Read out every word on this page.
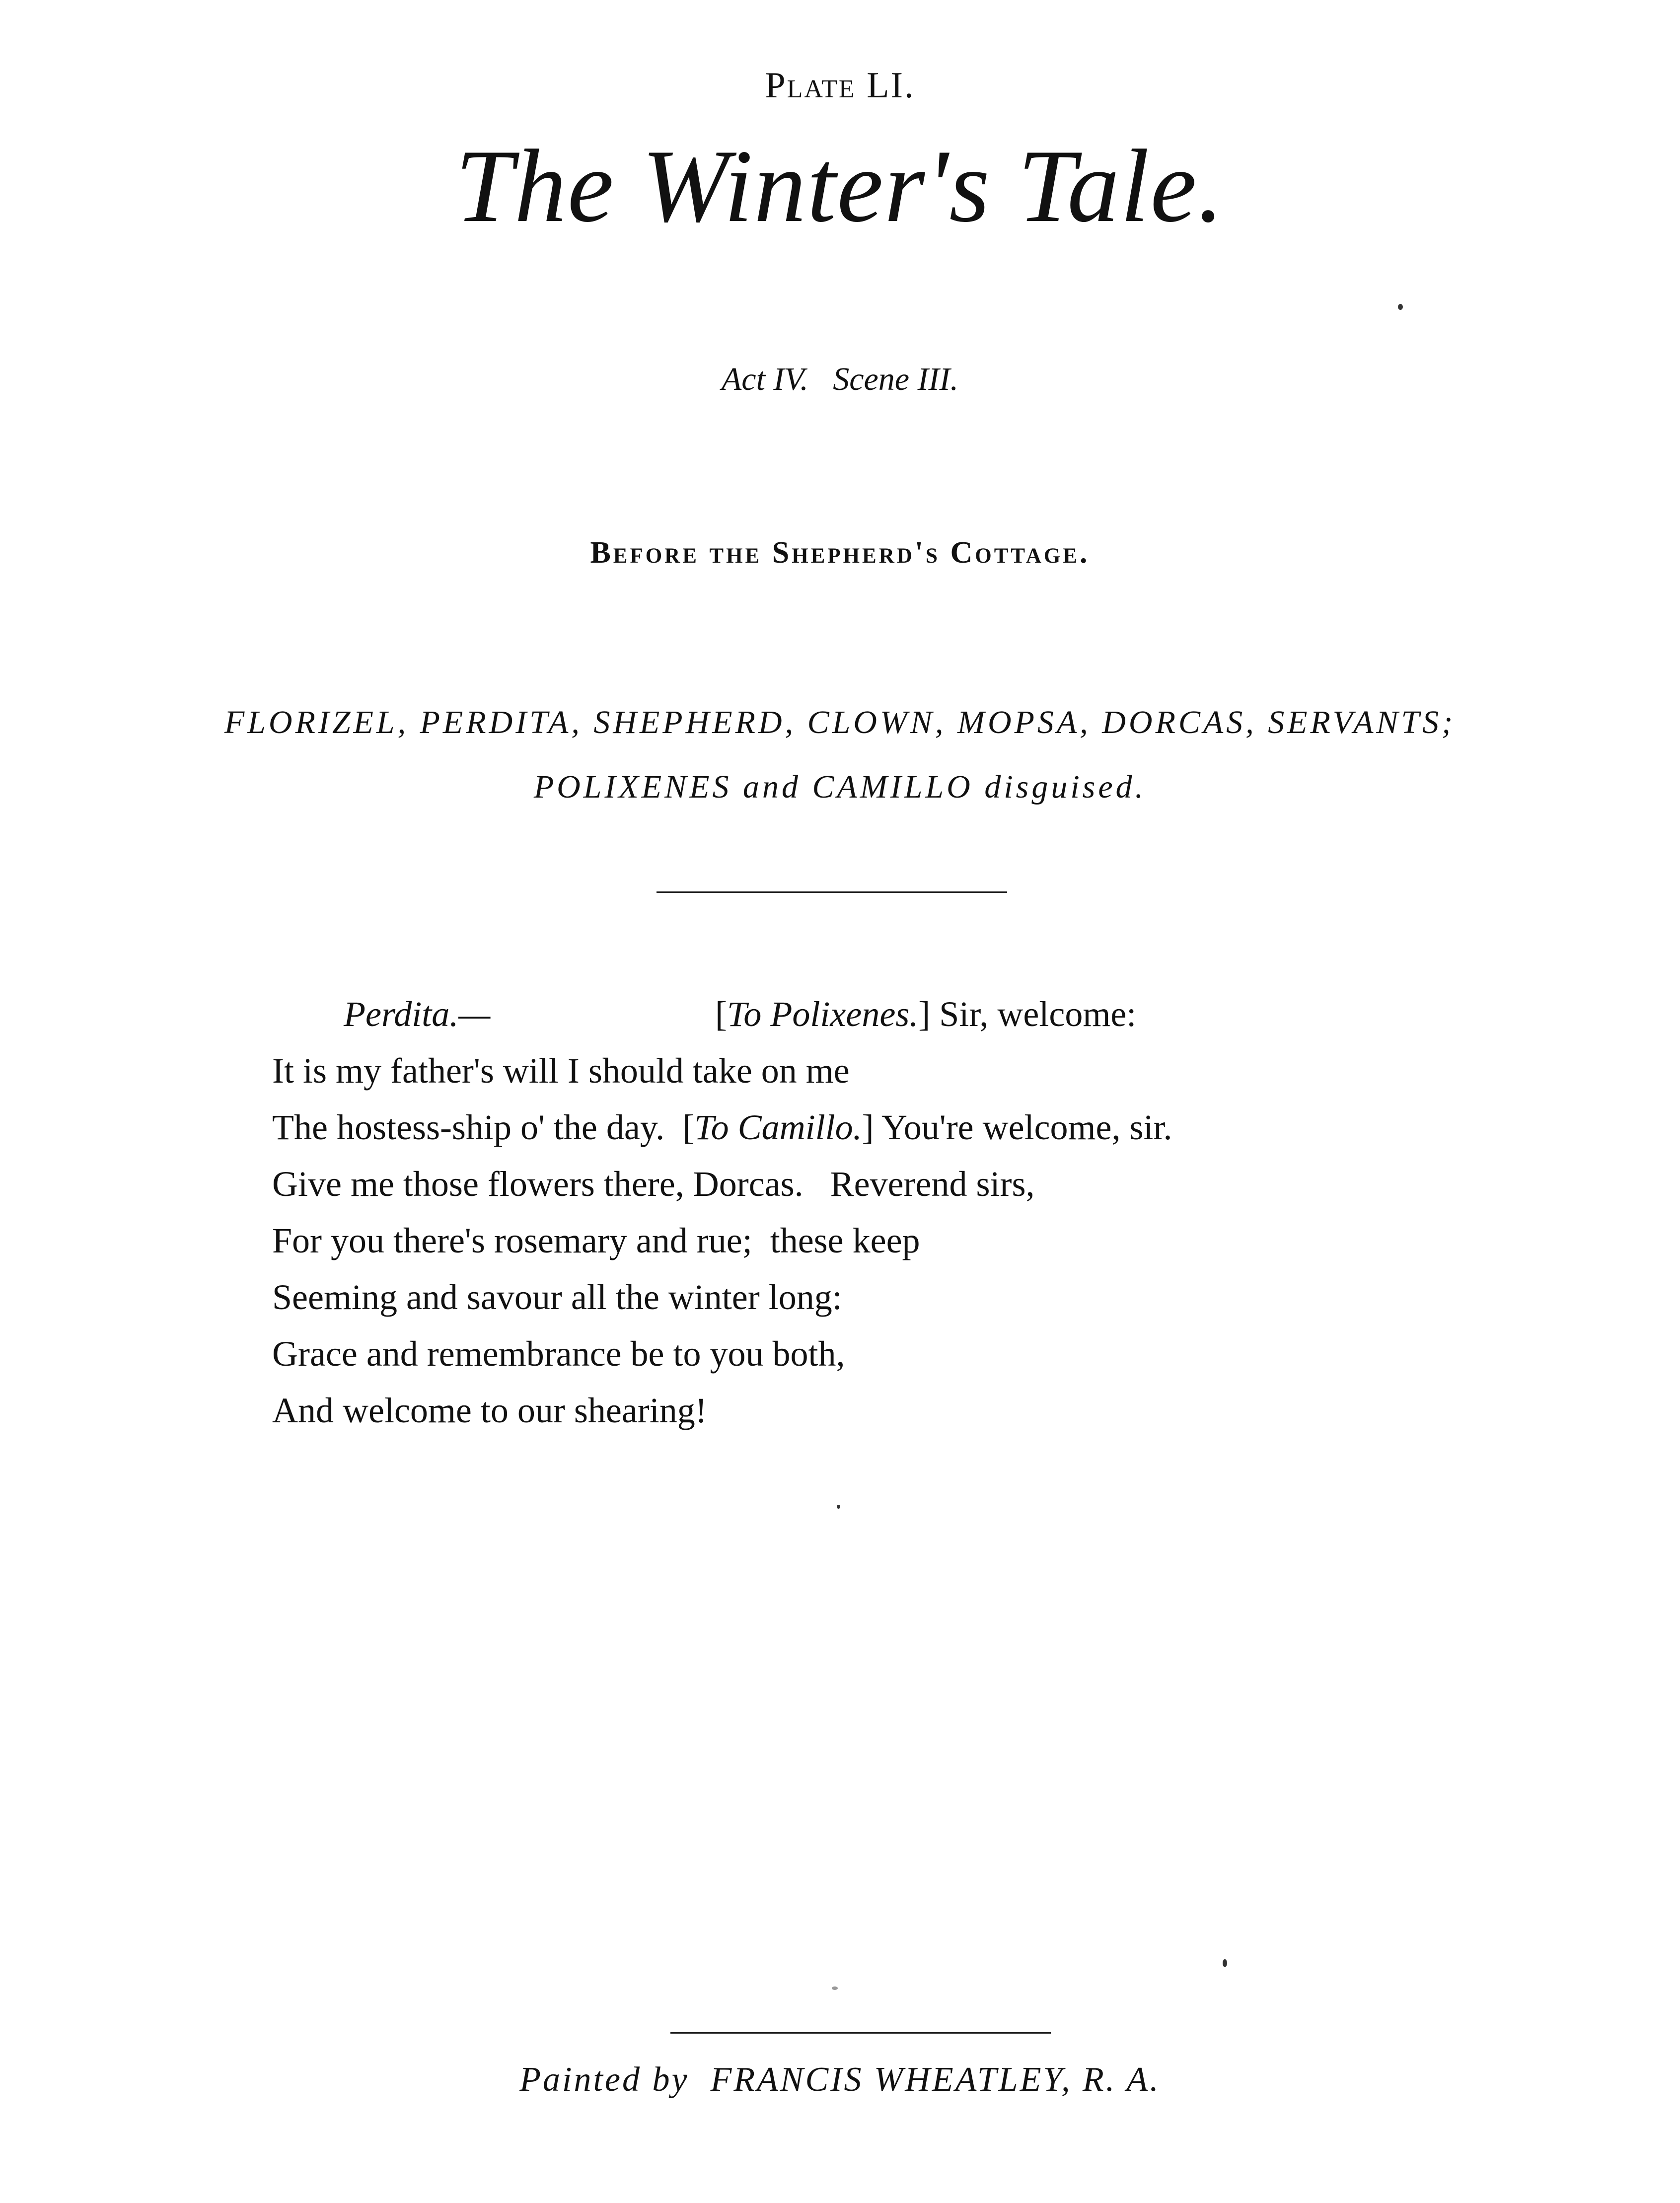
Plate LI.
The Winter's Tale.
Act IV.   Scene III.
Before the Shepherd's Cottage.
FLORIZEL, PERDITA, SHEPHERD, CLOWN, MOPSA, DORCAS, SERVANTS;
POLIXENES and CAMILLO disguised.
Perdita.—	[To Polixenes.] Sir, welcome:
It is my father's will I should take on me
The hostess-ship o' the day.  [To Camillo.] You're welcome, sir.
Give me those flowers there, Dorcas.   Reverend sirs,
For you there's rosemary and rue;  these keep
Seeming and savour all the winter long:
Grace and remembrance be to you both,
And welcome to our shearing!
Painted by FRANCIS WHEATLEY, R. A.
